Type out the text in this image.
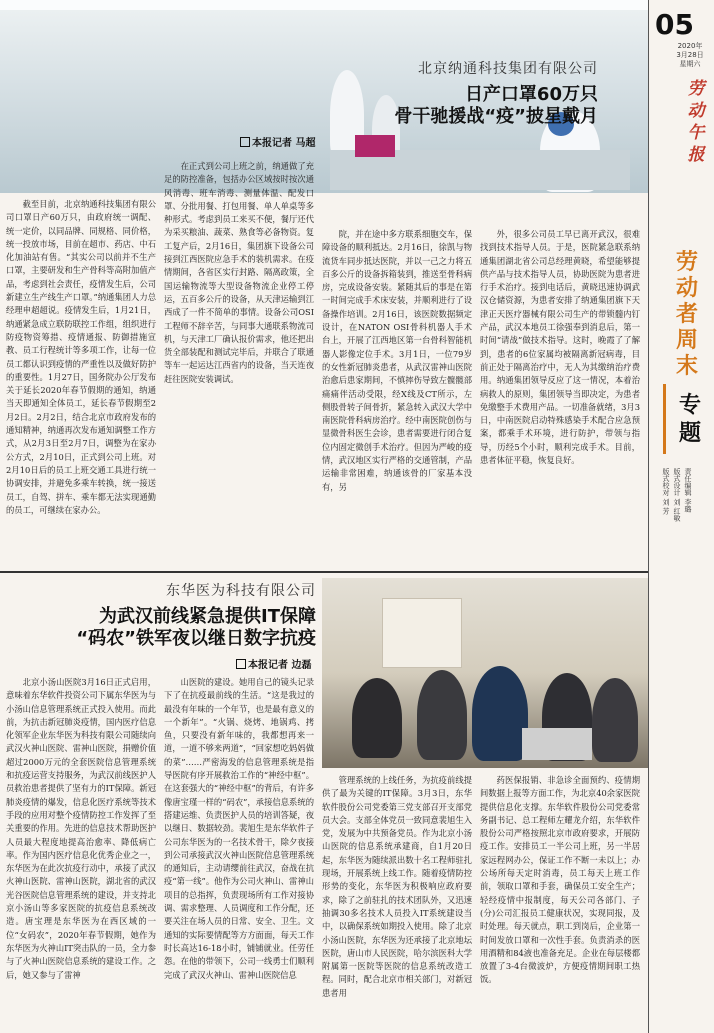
北京纳通科技集团有限公司
日产口罩60万只
骨干驰援战“疫”披星戴月
本报记者 马超

截至目前，北京纳通科技集团有限公司口罩日产60万只，由政府统一调配、统一定价，以同品牌、同规格、同价格，统一投放市场，目前在超市、药店、中石化加油站有售。“其实公司以前并不生产口罩，主要研发和生产骨科等高附加值产品，考虑到社会责任，疫情发生后，公司新建立生产线生产口罩。”纳通集团人力总经理申超超说。疫情发生后，1月21日，纳通紧急成立联防联控工作组，组织进行防疫物资筹措、疫情通报、防御措施宣教、员工行程统计等多项工作，让每一位员工都认识到疫情的严重性以及做好防护的重要性。1月27日，国务院办公厅发布关于延长2020年春节假期的通知，纳通当天即通知全体员工，延长春节假期至2月2日。2月2日，结合北京市政府发布的通知精神，纳通再次发布通知调整工作方式，从2月3日至2月7日，调整为在家办公方式，2月10日，正式到公司上班。对2月10日后的员工上班交通工具进行统一协调安排，并避免多乘车转换，统一接送员工，自驾、拼车、乘车都无法实现通勤的员工，可继续在家办公。

在正式到公司上班之前，纳通做了充足的防控准备，包括办公区域按时按次通风消毒、班车消毒、测量体温、配发口罩、分批用餐、打包用餐、单人单桌等多种形式。考虑到员工来买不便，餐厅还代为采买粮油、蔬菜、熟食等必备物资。复工复产后，2月16日，集团旗下设备公司接到江西医院应急手术的装机需求。在疫情期间，各省区实行封路、隔离政策，全国运输物流等大型设备物流企业停工停运，五百多公斤的设备，从天津运输到江西成了一件不简单的事情。设备公司OSI工程师不辞辛苦，与同事大通联系物流司机，与天津工厂确认报价需求，他还把出货全部装配和测试完毕后，并联合了联通等车一起运达江西省内的设备，当天连夜赶往医院安装调试。

院，并在途中多方联系细胞交车，保障设备的顺利抵达。2月16日，徐凯与物流货车同步抵达医院，并以一己之力将五百多公斤的设备拆箱装到，推送至骨科病房，完成设备安装。紧随其后的事是在第一时间完成手术床安装，并顺利进行了设备操作培训。2月16日，该医院数据频定设计，在NATON OSI骨科机器人手术台上，开展了江西地区第一台骨科智能机器人影像定位手术。3月1日，一位79岁的女性新冠肺炎患者，从武汉雷神山医院治愈后患家期间，不慎摔伤导致左髋髋部痛痛伴活动受限，经X线及CT所示，左侧股骨转子间骨折，紧急转入武汉大学中南医院骨科病房治疗。经中南医院创伤与显微骨科医生会诊，患者需要进行闭合复位内固定微创手术治疗。但因为严峻的疫情，武汉地区实行严格的交通管制，产品运输非常困难，纳通该骨的厂家基本没有，另

外，很多公司员工早已离开武汉，很难找到技术指导人员。于是，医院紧急联系纳通集团湖北省公司总经理黄晓，希望能够提供产品与技术指导人员，协助医院为患者进行手术治疗。接到电话后，黄晓迅速协调武汉仓储资源，为患者安排了纳通集团旗下天津正天医疗器械有限公司生产的带锁髓内钉产品，武汉本地员工徐强奉到消息后，第一时间“请战”做技术指导。这时，晚霞了了解到，患者的6位家属均被隔离新冠病毒，目前正处于隔离治疗中，无人为其缴纳治疗费用。纳通集团领导反应了这一情况，本着治病救人的原则，集团领导当即决定，为患者免缴整手术费用产品。一切准备就绪，3月3日，中南医院启动特殊感染手术配合应急预案，都乘手术环境，进行防护，带领与指导，历经5个小时，顺利完成手术。目前，患者体征平稳，恢复良好。

东华医为科技有限公司
为武汉前线紧急提供IT保障
“码农”铁军夜以继日数字抗疫
本报记者 边磊

北京小汤山医院3月16日正式启用，意味着东华软件投资公司下属东华医为与小汤山信息管理系统正式投入使用。而此前，为抗击新冠肺炎疫情，国内医疗信息化领军企业东华医为科技有限公司随续向武汉火神山医院、雷神山医院，捐赠价值超过2000万元的全套医院信息管理系统和抗疫运营支持服务，为武汉前线医护人员救治患者提供了坚有力的IT保障。新冠肺炎疫情的爆发，信息化医疗系统等技术手段的应用对整个疫情防控工作发挥了至关重要的作用。先进的信息技术帮助医护人员最大程度地提高治愈率、降低病亡率。作为国内医疗信息化优秀企业之一，东华医为在此次抗疫行动中，承接了武汉火神山医院、雷神山医院，湖北省的武汉光谷医院信息管理系统的建设，并支持北京小汤山等多家医院的抗疫信息系统改造。唐宝理是东华医为在西区域的一位“女码农”，2020年春节假期，她作为东华医为火神山IT突击队的一员，全力参与了火神山医院信息系统的建设工作。之后，她又参与了雷神

山医院的建设。她用自己的镜头记录下了在抗疫最前线的生活。“这是我过的最没有年味的一个年节，也是最有意义的一个新年”。“火锅、烧烤、地锅鸡、拷鱼，只要没有新年味的，我都想再来一道，一道不够来两道”，“回家想吃妈妈做的菜”……严密海发的信息管理系统是指导医院有序开展救治工作的“神经中枢”。在这套强大的“神经中枢”的背后，有许多像唐宝瑾一样的“码农”，承接信息系统的搭建运维、负责医护人员的培训答疑，夜以继日、数据较劲。裴旭生是东华软件子公司东华医为的一名技术骨干，除夕夜接到公司承接武汉火神山医院信息管理系统的通知后，主动请缨前往武汉，奋战在抗疫“第一线”。他作为公司火神山、雷神山项目的总指挥，负责现场所有工作对接协调、需求整理、人员调度和工作分配，还要关注在场人员的日常、安全、卫生。文通知的实际要情配等方方面面，每天工作时长高达16-18小时，铺铺就业。任劳任怨。在他的带领下，公司一线勇士们顺利完成了武汉火神山、雷神山医院信息

管理系统的上线任务，为抗疫前线提供了最为关键的IT保障。3月3日，东华软件股份公司党委第三党支部召开支部党员大会。支部全体党员一致同意裴旭生入党，发展为中共预备党员。作为北京小汤山医院的信息系统承建商，自1月20日起，东华医为随续派出数十名工程师驻扎现场，开展系统上线工作。随着疫情防控形势的变化，东华医为积极响应政府要求，除了之前驻扎的技术团队外，又迅速抽调30多名技术人员投入IT系统建设当中，以确保系统如期投入使用。除了北京小汤山医院，东华医为还承接了北京地坛医院，唐山市人民医院，哈尔滨医科大学附属第一医院等医院的信息系统改造工程。同时，配合北京市相关部门，对新冠患者用

药医保报销、非急诊全面预约、疫情期间数据上报等方面工作，为北京40余家医院提供信息化支撑。东华软件股份公司党委常务副书记、总工程师左耀龙介绍，东华软件股份公司严格按照北京市政府要求，开展防疫工作。安排员工一半公司上班，另一半居家远程网办公，保证工作不断一未以上；办公场所每天定时消毒，员工每天上班工作前，领取口罩和手套，确保员工安全生产；轻经疫情中报制度，每天公司各部门、子(分)公司汇报员工健康状况，实现同报，及时处理。每天就点，职工到岗后，企业第一时间发放口罩和一次性手套。负责消杀的医用酒精和84液也准备充足。企业在每层楼都放置了3-4台微波炉，方便疫情期间职工热饭。

05
2020年
3月28日
星期六
劳动午报
劳动者周末
专题
责任编辑 李璐
版式设计 刘 红敏
版式校对 刘 芳
